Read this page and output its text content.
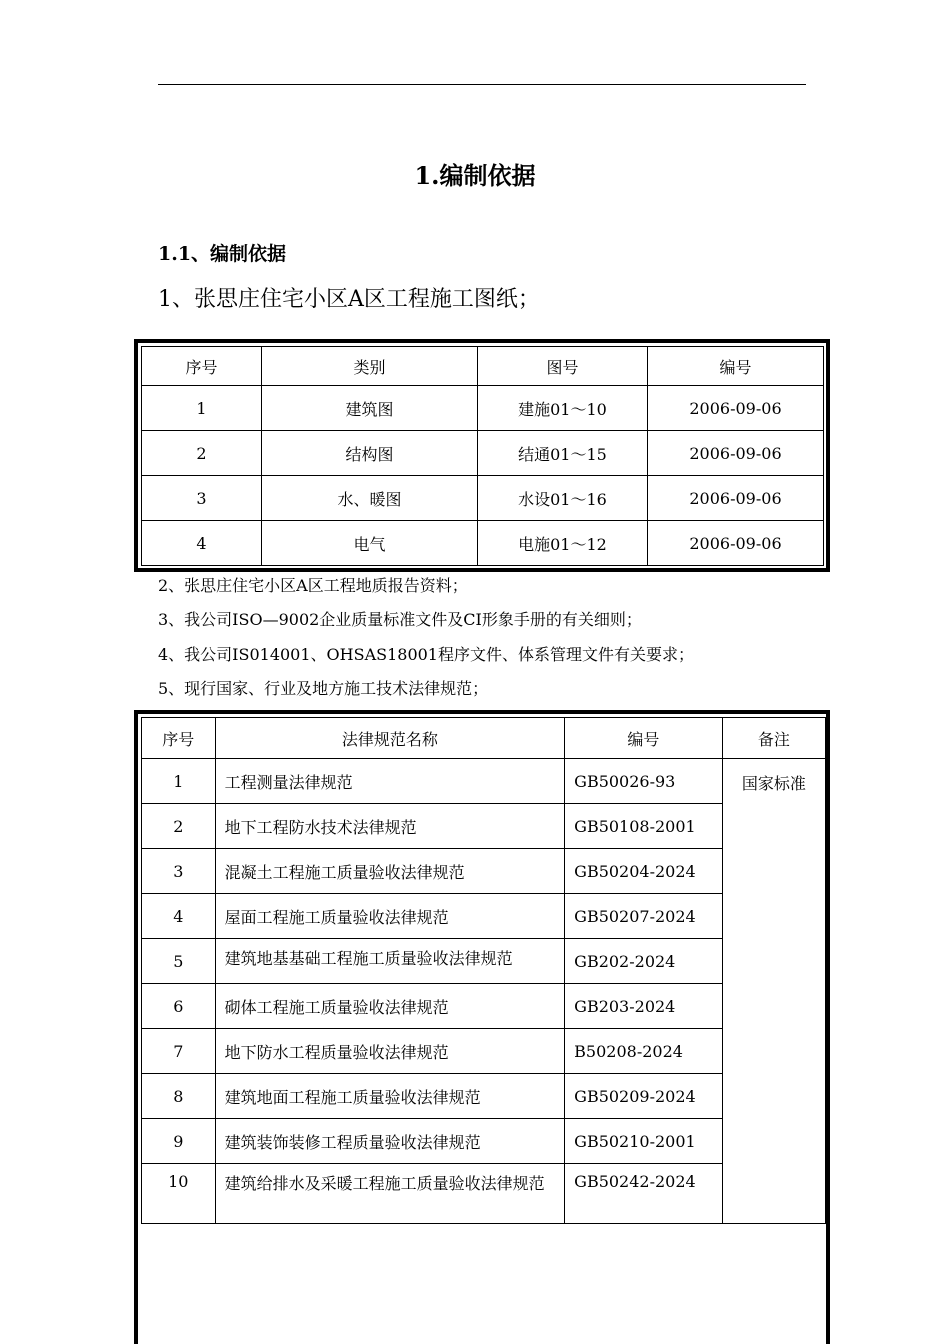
1.编制依据
1.1、编制依据
1、张思庄住宅小区A区工程施工图纸；
序号	类别	图号	编号
1	建筑图	建施01～10	2006-09-06
2	结构图	结通01～15	2006-09-06
3	水、暖图	水设01～16	2006-09-06
4	电气	电施01～12	2006-09-06
2、张思庄住宅小区A区工程地质报告资料；
3、我公司ISO—9002企业质量标准文件及CI形象手册的有关细则；
4、我公司IS014001、OHSAS18001程序文件、体系管理文件有关要求；
5、现行国家、行业及地方施工技术法律规范；
序号	法律规范名称	编号	备注
1	工程测量法律规范	GB50026-93	国家标准
2	地下工程防水技术法律规范	GB50108-2001	
3	混凝土工程施工质量验收法律规范	GB50204-2024	
4	屋面工程施工质量验收法律规范	GB50207-2024	
5	建筑地基基础工程施工质量验收法律规范	GB202-2024	
6	砌体工程施工质量验收法律规范	GB203-2024	
7	地下防水工程质量验收法律规范	B50208-2024	
8	建筑地面工程施工质量验收法律规范	GB50209-2024	
9	建筑装饰装修工程质量验收法律规范	GB50210-2001	
10	建筑给排水及采暖工程施工质量验收法律规范	GB50242-2024	
